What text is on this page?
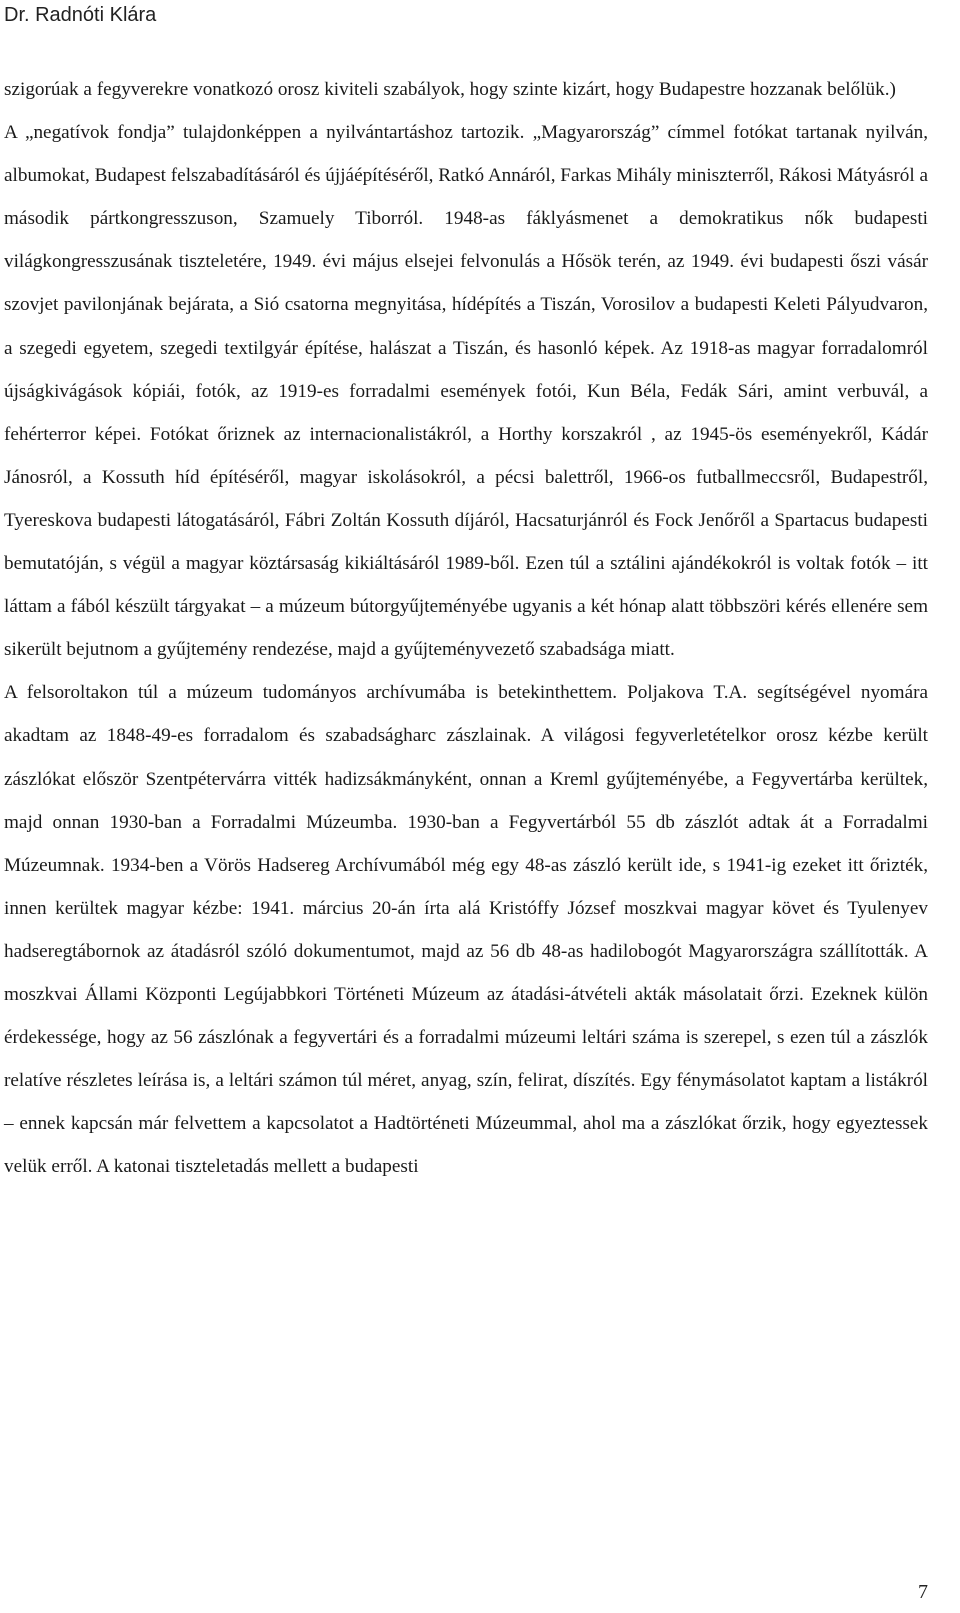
Dr. Radnóti Klára

szigorúak a fegyverekre vonatkozó orosz kiviteli szabályok, hogy szinte kizárt, hogy Budapestre hozzanak belőlük.)

A „negatívok fondja” tulajdonképpen a nyilvántartáshoz tartozik. „Magyarország” címmel fotókat tartanak nyilván, albumokat, Budapest felszabadításáról és újjáépítéséről, Ratkó Annáról, Farkas Mihály miniszterről, Rákosi Mátyásról a második pártkongresszuson, Szamuely Tiborról. 1948-as fáklyásmenet a demokratikus nők budapesti világkongresszusának tiszteletére, 1949. évi május elsejei felvonulás a Hősök terén, az 1949. évi budapesti őszi vásár szovjet pavilonjának bejárata, a Sió csatorna megnyitása, hídépítés a Tiszán, Vorosilov a budapesti Keleti Pályudvaron, a szegedi egyetem, szegedi textilgyár építése, halászat a Tiszán, és hasonló képek. Az 1918-as magyar forradalomról újságkivágások kópiái, fotók, az 1919-es forradalmi események fotói, Kun Béla, Fedák Sári, amint verbuvál, a fehérterror képei. Fotókat őriznek az internacionalistákról, a Horthy korszakról , az 1945-ös eseményekről, Kádár Jánosról, a Kossuth híd építéséről, magyar iskolásokról, a pécsi balettről, 1966-os futballmeccsről, Budapestről, Tyereskova budapesti látogatásáról, Fábri Zoltán Kossuth díjáról, Hacsaturjánról és Fock Jenőről a Spartacus budapesti bemutatóján, s végül a magyar köztársaság kikiáltásáról 1989-ből. Ezen túl a sztálini ajándékokról is voltak fotók – itt láttam a fából készült tárgyakat – a múzeum bútorgyűjteményébe ugyanis a két hónap alatt többszöri kérés ellenére sem sikerült bejutnom a gyűjtemény rendezése, majd a gyűjteményvezető szabadsága miatt.

A felsoroltakon túl a múzeum tudományos archívumába is betekinthettem. Poljakova T.A. segítségével nyomára akadtam az 1848-49-es forradalom és szabadságharc zászlainak. A világosi fegyverletételkor orosz kézbe került zászlókat először Szentpétervárra vitték hadizsákmányként, onnan a Kreml gyűjteményébe, a Fegyvertárba kerültek, majd onnan 1930-ban a Forradalmi Múzeumba. 1930-ban a Fegyvertárból 55 db zászlót adtak át a Forradalmi Múzeumnak. 1934-ben a Vörös Hadsereg Archívumából még egy 48-as zászló került ide, s 1941-ig ezeket itt őrizték, innen kerültek magyar kézbe: 1941. március 20-án írta alá Kristóffy József moszkvai magyar követ és Tyulenyev hadseregtábornok az átadásról szóló dokumentumot, majd az 56 db 48-as hadilobogót Magyarországra szállították. A moszkvai Állami Központi Legújabbkori Történeti Múzeum az átadási-átvételi akták másolatait őrzi. Ezeknek külön érdekessége, hogy az 56 zászlónak a fegyvertári és a forradalmi múzeumi leltári száma is szerepel, s ezen túl a zászlók relatíve részletes leírása is, a leltári számon túl méret, anyag, szín, felirat, díszítés. Egy fénymásolatot kaptam a listákról – ennek kapcsán már felvettem a kapcsolatot a Hadtörténeti Múzeummal, ahol ma a zászlókat őrzik, hogy egyeztessek velük erről. A katonai tiszteletadás mellett a budapesti

7
